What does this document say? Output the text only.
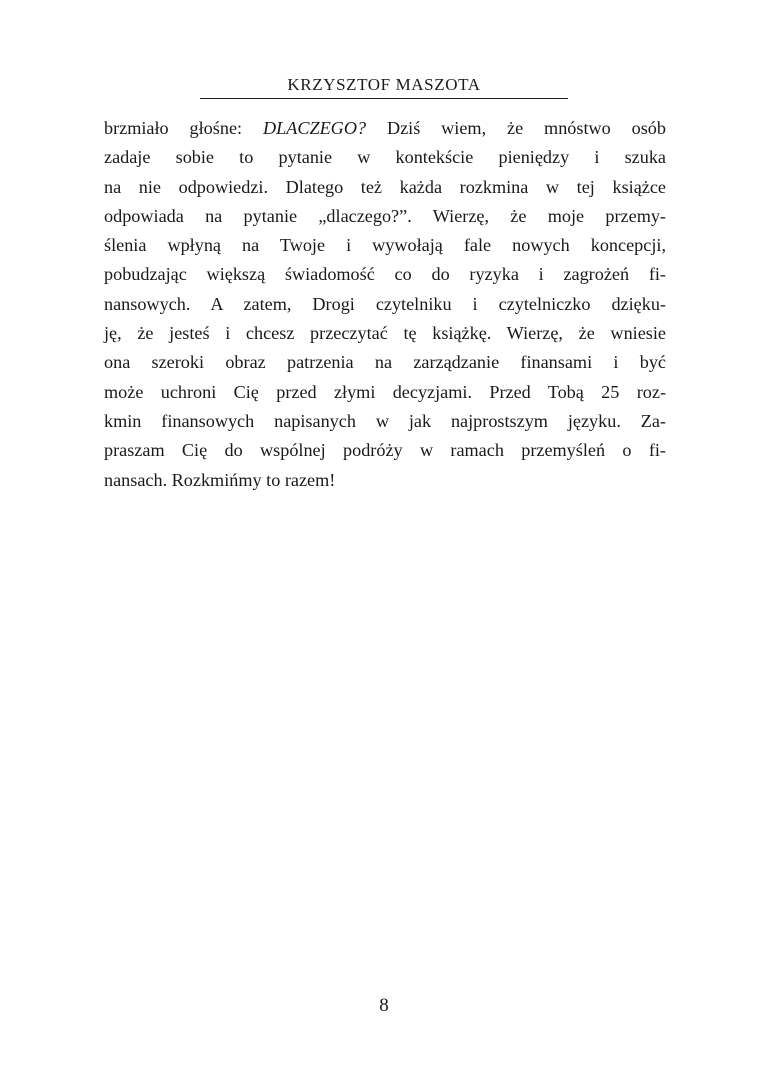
KRZYSZTOF MASZOTA
brzmiało głośne: DLACZEGO? Dziś wiem, że mnóstwo osób
zadaje sobie to pytanie w kontekście pieniędzy i szuka
na nie odpowiedzi. Dlatego też każda rozkmina w tej książce
odpowiada na pytanie „dlaczego?”. Wierzę, że moje przemy-
ślenia wpłyną na Twoje i wywołają fale nowych koncepcji,
pobudzając większą świadomość co do ryzyka i zagrożeń fi-
nansowych. A zatem, Drogi czytelniku i czytelniczko dzięku-
ję, że jesteś i chcesz przeczytać tę książkę. Wierzę, że wniesie
ona szeroki obraz patrzenia na zarządzanie finansami i być
może uchroni Cię przed złymi decyzjami. Przed Tobą 25 roz-
kmin finansowych napisanych w jak najprostszym języku. Za-
praszam Cię do wspólnej podróży w ramach przemyśleń o fi-
nansach. Rozkmińmy to razem!
8
